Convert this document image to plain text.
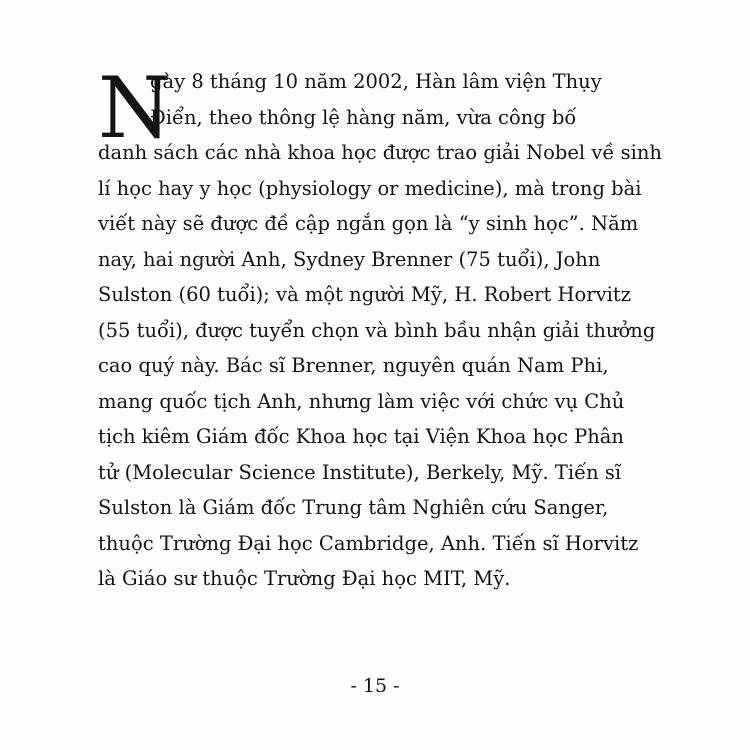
N
gày 8 tháng 10 năm 2002, Hàn lâm viện Thụy
Điển, theo thông lệ hàng năm, vừa công bố
danh sách các nhà khoa học được trao giải Nobel về sinh
lí học hay y học (physiology or medicine), mà trong bài
viết này sẽ được đề cập ngắn gọn là “y sinh học”. Năm
nay, hai người Anh, Sydney Brenner (75 tuổi), John
Sulston (60 tuổi); và một người Mỹ, H. Robert Horvitz
(55 tuổi), được tuyển chọn và bình bầu nhận giải thưởng
cao quý này. Bác sĩ Brenner, nguyên quán Nam Phi,
mang quốc tịch Anh, nhưng làm việc với chức vụ Chủ
tịch kiêm Giám đốc Khoa học tại Viện Khoa học Phân
tử (Molecular Science Institute), Berkely, Mỹ. Tiến sĩ
Sulston là Giám đốc Trung tâm Nghiên cứu Sanger,
thuộc Trường Đại học Cambridge, Anh. Tiến sĩ Horvitz
là Giáo sư thuộc Trường Đại học MIT, Mỹ.
- 15 -
